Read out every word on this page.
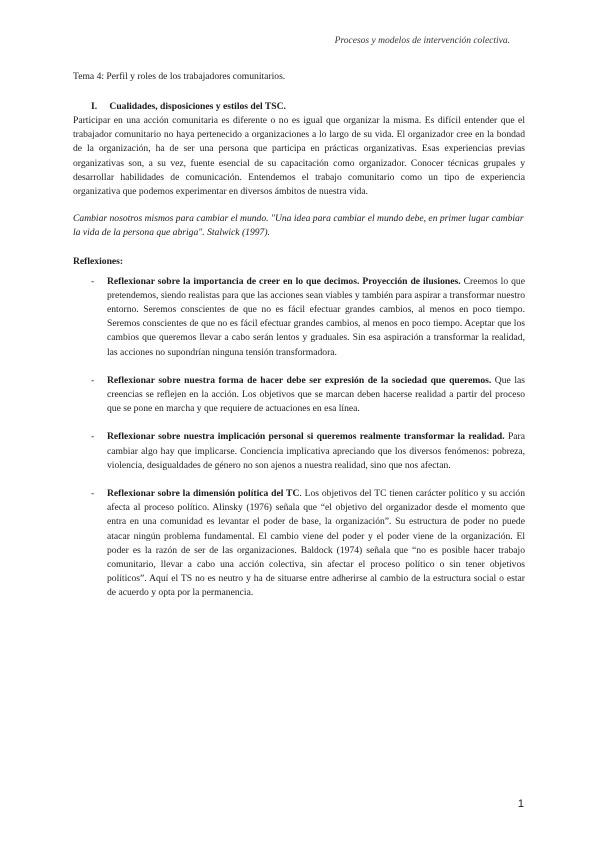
Procesos y modelos de intervención colectiva.

Tema 4: Perfil y roles de los trabajadores comunitarios.

I. Cualidades, disposiciones y estilos del TSC.

Participar en una acción comunitaria es diferente o no es igual que organizar la misma. Es difícil entender que el trabajador comunitario no haya pertenecido a organizaciones a lo largo de su vida. El organizador cree en la bondad de la organización, ha de ser una persona que participa en prácticas organizativas. Esas experiencias previas organizativas son, a su vez, fuente esencial de su capacitación como organizador. Conocer técnicas grupales y desarrollar habilidades de comunicación. Entendemos el trabajo comunitario como un tipo de experiencia organizativa que podemos experimentar en diversos ámbitos de nuestra vida.

Cambiar nosotros mismos para cambiar el mundo. "Una idea para cambiar el mundo debe, en primer lugar cambiar la vida de la persona que abriga". Stalwick (1997).

Reflexiones:

- Reflexionar sobre la importancia de creer en lo que decimos. Proyección de ilusiones. Creemos lo que pretendemos, siendo realistas para que las acciones sean viables y también para aspirar a transformar nuestro entorno. Seremos conscientes de que no es fácil efectuar grandes cambios, al menos en poco tiempo. Seremos conscientes de que no es fácil efectuar grandes cambios, al menos en poco tiempo. Aceptar que los cambios que queremos llevar a cabo serán lentos y graduales. Sin esa aspiración a transformar la realidad, las acciones no supondrían ninguna tensión transformadora.

- Reflexionar sobre nuestra forma de hacer debe ser expresión de la sociedad que queremos. Que las creencias se reflejen en la acción. Los objetivos que se marcan deben hacerse realidad a partir del proceso que se pone en marcha y que requiere de actuaciones en esa línea.

- Reflexionar sobre nuestra implicación personal si queremos realmente transformar la realidad. Para cambiar algo hay que implicarse. Conciencia implicativa apreciando que los diversos fenómenos: pobreza, violencia, desigualdades de género no son ajenos a nuestra realidad, sino que nos afectan.

- Reflexionar sobre la dimensión política del TC. Los objetivos del TC tienen carácter político y su acción afecta al proceso político. Alinsky (1976) señala que “el objetivo del organizador desde el momento que entra en una comunidad es levantar el poder de base, la organización”. Su estructura de poder no puede atacar ningún problema fundamental. El cambio viene del poder y el poder viene de la organización. El poder es la razón de ser de las organizaciones. Baldock (1974) señala que “no es posible hacer trabajo comunitario, llevar a cabo una acción colectiva, sin afectar el proceso político o sin tener objetivos políticos”. Aquí el TS no es neutro y ha de situarse entre adherirse al cambio de la estructura social o estar de acuerdo y opta por la permanencia.

1
